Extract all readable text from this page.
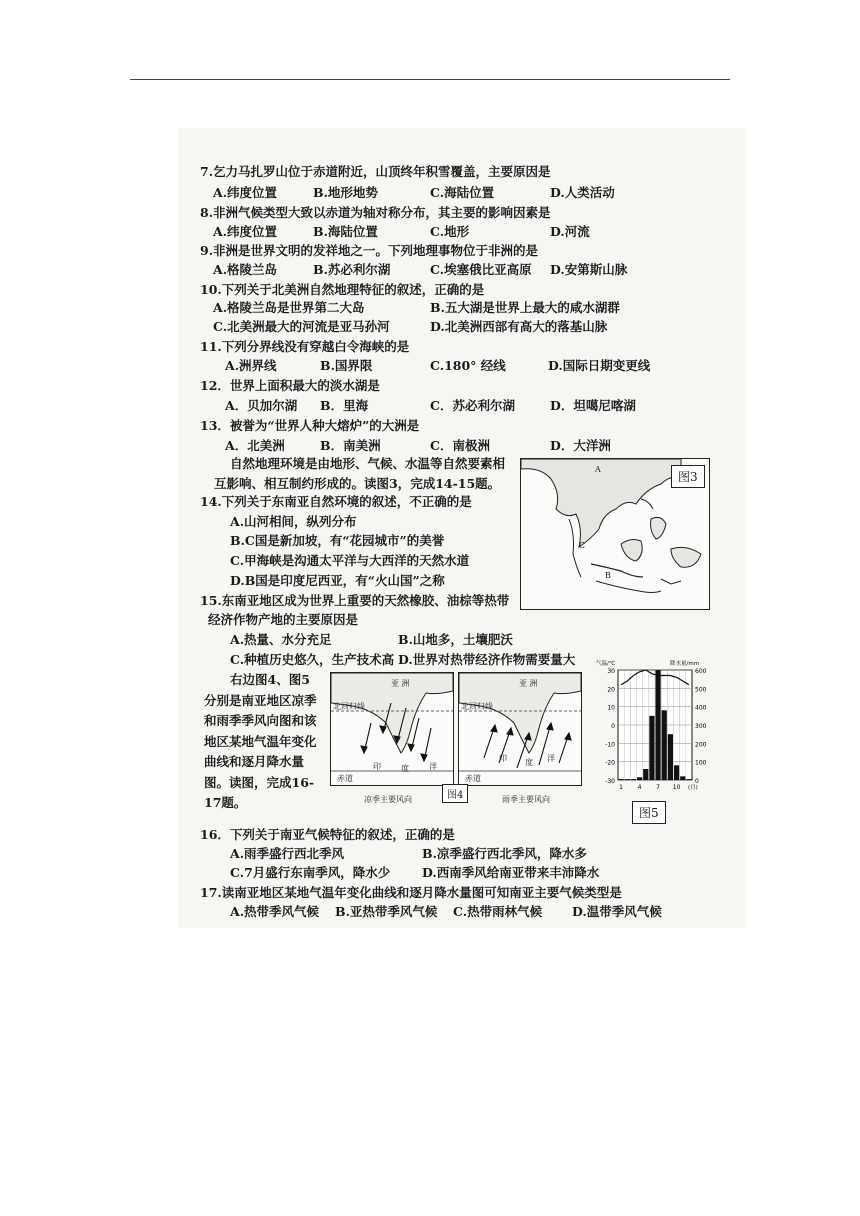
7.乞力马扎罗山位于赤道附近，山顶终年积雪覆盖，主要原因是
A.纬度位置	B.地形地势	C.海陆位置	D.人类活动
8.非洲气候类型大致以赤道为轴对称分布，其主要的影响因素是
A.纬度位置	B.海陆位置	C.地形	D.河流
9.非洲是世界文明的发祥地之一。下列地理事物位于非洲的是
A.格陵兰岛	B.苏必利尔湖	C.埃塞俄比亚高原 D.安第斯山脉
10.下列关于北美洲自然地理特征的叙述，正确的是
A.格陵兰岛是世界第二大岛	B.五大湖是世界上最大的咸水湖群
C.北美洲最大的河流是亚马孙河	D.北美洲西部有高大的落基山脉
11.下列分界线没有穿越白令海峡的是
A.洲界线	B.国界限	C.180° 经线	D.国际日期变更线
12．世界上面积最大的淡水湖是
A．贝加尔湖 B．里海	C．苏必利尔湖	D．坦噶尼喀湖
13．被誉为“世界人种大熔炉”的大洲是
A．北美洲	B．南美洲	C．南极洲	D．大洋洲
自然地理环境是由地形、气候、水温等自然要素相互影响、相互制约形成的。读图3，完成14-15题。
14.下列关于东南亚自然环境的叙述，不正确的是
A.山河相间，纵列分布
B.C国是新加坡，有“花园城市”的美誉
C.甲海峡是沟通太平洋与大西洋的天然水道
D.B国是印度尼西亚，有“火山国”之称
A
C
B
图3
15.东南亚地区成为世界上重要的天然橡胶、油棕等热带
经济作物产地的主要原因是
A.热量、水分充足	B.山地多，土壤肥沃
C.种植历史悠久，生产技术高 D.世界对热带经济作物需要量大
右边图4、图5分别是南亚地区凉季和雨季季风向图和该地区某地气温年变化曲线和逐月降水量图。读图，完成16-17题。
亚 洲
北回归线
赤道
印	度	洋
亚 洲
北回归线
赤道
印 度 洋
图4
凉季主要风向	雨季主要风向
30	600
20	500
10	400
0	300
-10	200
-20	100
-30	0
1 4 7 10 (月)
气温/℃	降水量/mm
图5
16．下列关于南亚气候特征的叙述，正确的是
A.雨季盛行西北季风	B.凉季盛行西北季风，降水多
C.7月盛行东南季风，降水少	D.西南季风给南亚带来丰沛降水
17.读南亚地区某地气温年变化曲线和逐月降水量图可知南亚主要气候类型是
A.热带季风气候 B.亚热带季风气候 C.热带雨林气候 D.温带季风气候
